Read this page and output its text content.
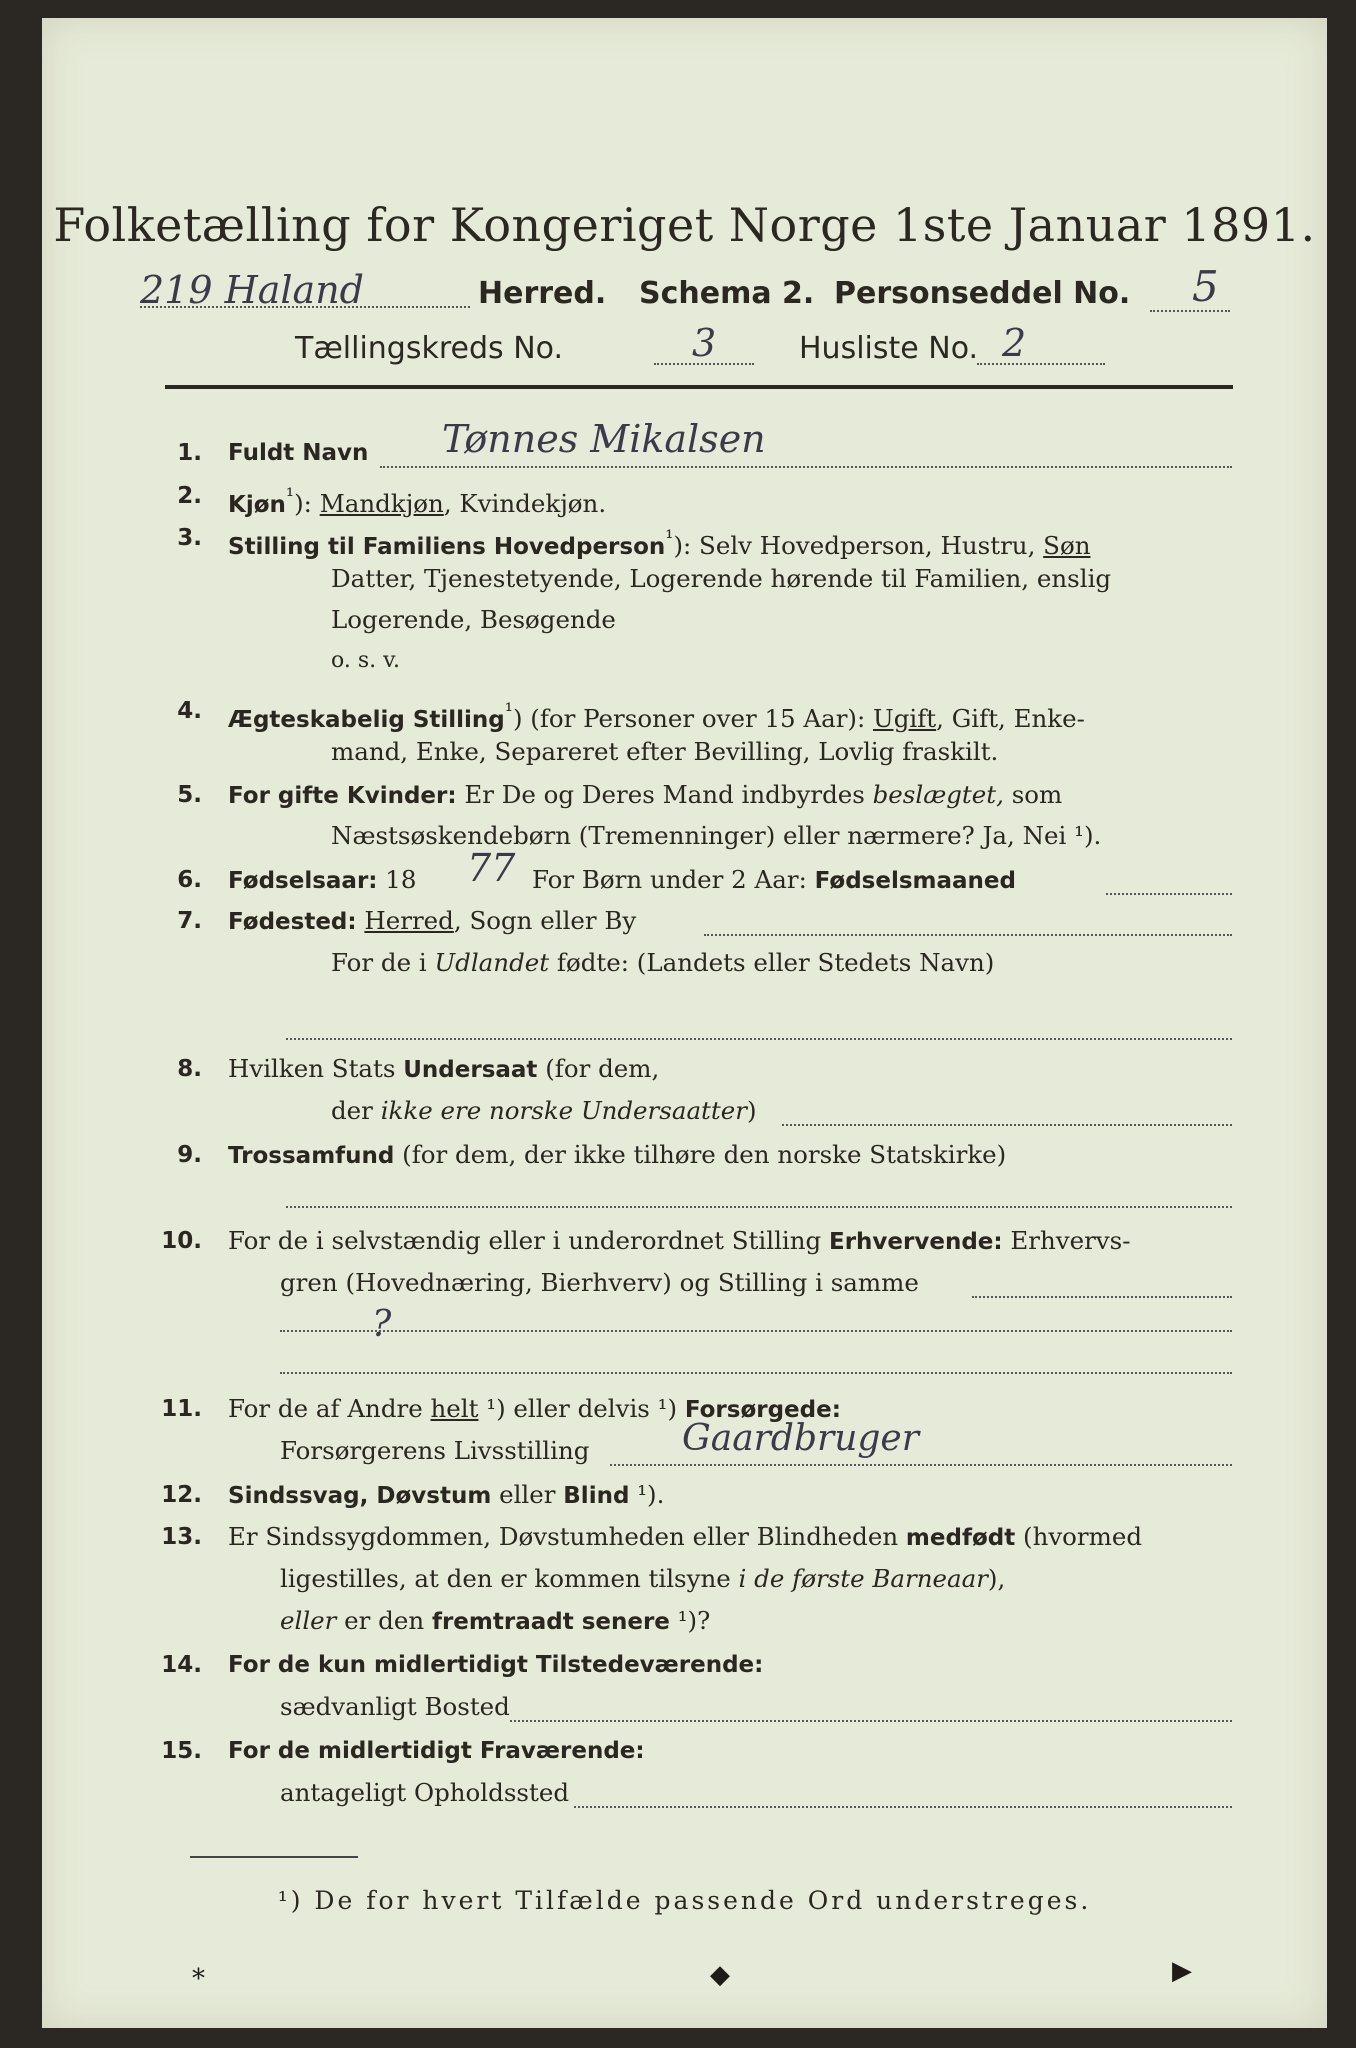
Folketælling for Kongeriget Norge 1ste Januar 1891.
219 Haland	Herred. Schema 2. Personseddel No. 5
Tællingskreds No.	3	Husliste No. 2
1. Fuldt Navn Tønnes Mikalsen
2. Kjøn$^{^1}$): Mandkjøn, Kvindekjøn.
3. Stilling til Familiens Hovedperson$^{^1}$): Selv Hovedperson, Hustru, Søn
Datter, Tjenestetyende, Logerende hørende til Familien, enslig
Logerende, Besøgende
o. s. v.
4. Ægteskabelig Stilling$^{^1}$) (for Personer over 15 Aar): Ugift, Gift, Enke-
mand, Enke, Separeret efter Bevilling, Lovlig fraskilt.
5. For gifte Kvinder: Er De og Deres Mand indbyrdes beslægtet, som
Næstsøskendebørn (Tremenninger) eller nærmere? Ja, Nei ¹).
6. Fødselsaar: 18 77 For Børn under 2 Aar: Fødselsmaaned
7. Fødested: Herred, Sogn eller By
For de i Udlandet fødte: (Landets eller Stedets Navn)
8. Hvilken Stats Undersaat (for dem,
der ikke ere norske Undersaatter)
9. Trossamfund (for dem, der ikke tilhøre den norske Statskirke)
10. For de i selvstændig eller i underordnet Stilling Erhvervende: Erhvervs-
gren (Hovednæring, Bierhverv) og Stilling i samme
?
11. For de af Andre helt ¹) eller delvis ¹) Forsørgede:
Forsørgerens Livsstilling	Gaardbruger
12. Sindssvag, Døvstum eller Blind ¹).
13. Er Sindssygdommen, Døvstumheden eller Blindheden medfødt (hvormed
ligestilles, at den er kommen tilsyne i de første Barneaar),
eller er den fremtraadt senere ¹)?
14. For de kun midlertidigt Tilstedeværende:
sædvanligt Bosted
15. For de midlertidigt Fraværende:
antageligt Opholdssted
¹) De for hvert Tilfælde passende Ord understreges.
⁎	◆	▶
